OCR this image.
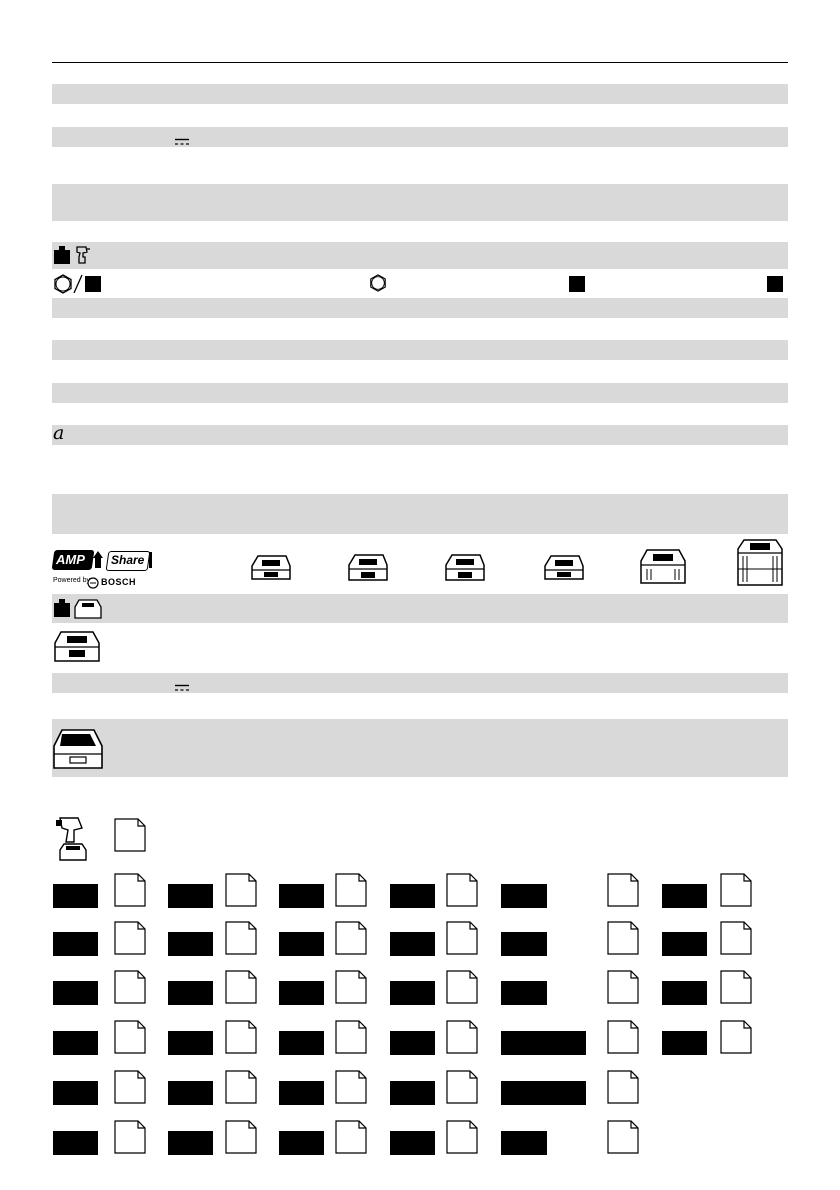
a
AMP Share
Powered by BOSCH
